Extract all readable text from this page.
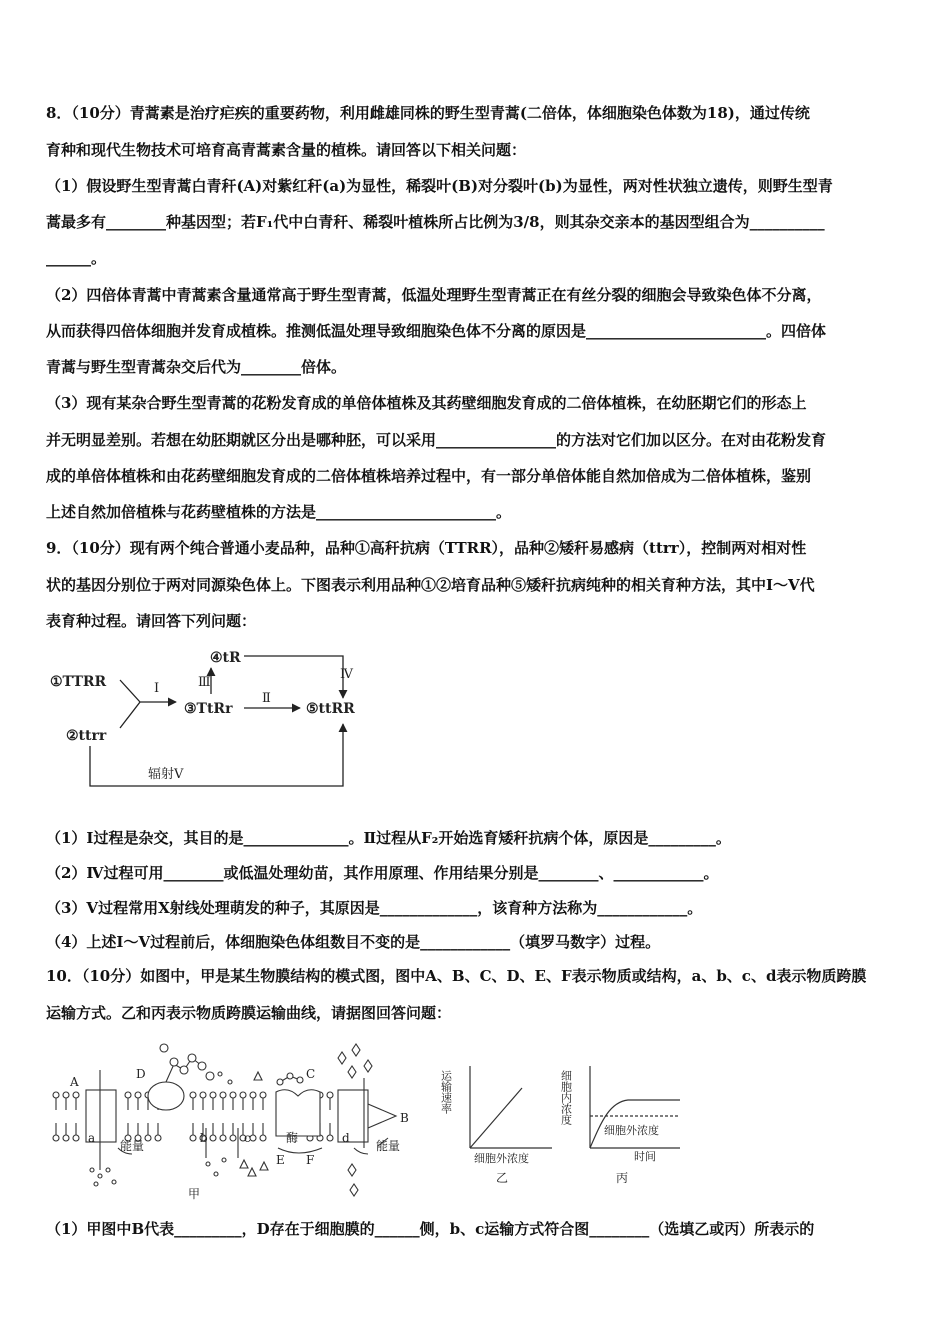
8．（10分）青蒿素是治疗疟疾的重要药物，利用雌雄同株的野生型青蒿(二倍体，体细胞染色体数为18)，通过传统
育种和现代生物技术可培育高青蒿素含量的植株。请回答以下相关问题：
（1）假设野生型青蒿白青秆(A)对紫红秆(a)为显性，稀裂叶(B)对分裂叶(b)为显性，两对性状独立遗传，则野生型青
蒿最多有________种基因型；若F₁代中白青秆、稀裂叶植株所占比例为3/8，则其杂交亲本的基因型组合为__________
______。
（2）四倍体青蒿中青蒿素含量通常高于野生型青蒿，低温处理野生型青蒿正在有丝分裂的细胞会导致染色体不分离，
从而获得四倍体细胞并发育成植株。推测低温处理导致细胞染色体不分离的原因是________________________。四倍体
青蒿与野生型青蒿杂交后代为________倍体。
（3）现有某杂合野生型青蒿的花粉发育成的单倍体植株及其药壁细胞发育成的二倍体植株，在幼胚期它们的形态上
并无明显差别。若想在幼胚期就区分出是哪种胚，可以采用________________的方法对它们加以区分。在对由花粉发育
成的单倍体植株和由花药壁细胞发育成的二倍体植株培养过程中，有一部分单倍体能自然加倍成为二倍体植株，鉴别
上述自然加倍植株与花药壁植株的方法是________________________。
9．（10分）现有两个纯合普通小麦品种，品种①高秆抗病（TTRR），品种②矮秆易感病（ttrr），控制两对相对性
状的基因分别位于两对同源染色体上。下图表示利用品种①②培育品种⑤矮秆抗病纯种的相关育种方法，其中Ⅰ～Ⅴ代
表育种过程。请回答下列问题：
①TTRR
②ttrr
③TtRr
④tR
⑤ttRR
Ⅰ
Ⅱ
Ⅲ
Ⅳ
辐射Ⅴ
（1）Ⅰ过程是杂交，其目的是______________。Ⅱ过程从F₂开始选育矮秆抗病个体，原因是_________。
（2）Ⅳ过程可用________或低温处理幼苗，其作用原理、作用结果分别是________、____________。
（3）Ⅴ过程常用X射线处理萌发的种子，其原因是_____________，该育种方法称为____________。
（4）上述Ⅰ～Ⅴ过程前后，体细胞染色体组数目不变的是____________（填罗马数字）过程。
10．（10分）如图中，甲是某生物膜结构的模式图，图中A、B、C、D、E、F表示物质或结构，a、b、c、d表示物质跨膜
运输方式。乙和丙表示物质跨膜运输曲线，请据图回答问题：
A
B
C
D
E F
a	b	c	d
酶
能量	能量
甲
运输速率
细胞外浓度
乙
细胞内浓度
细胞外浓度
时间
丙
（1）甲图中B代表_________，D存在于细胞膜的______侧，b、c运输方式符合图________（选填乙或丙）所表示的
